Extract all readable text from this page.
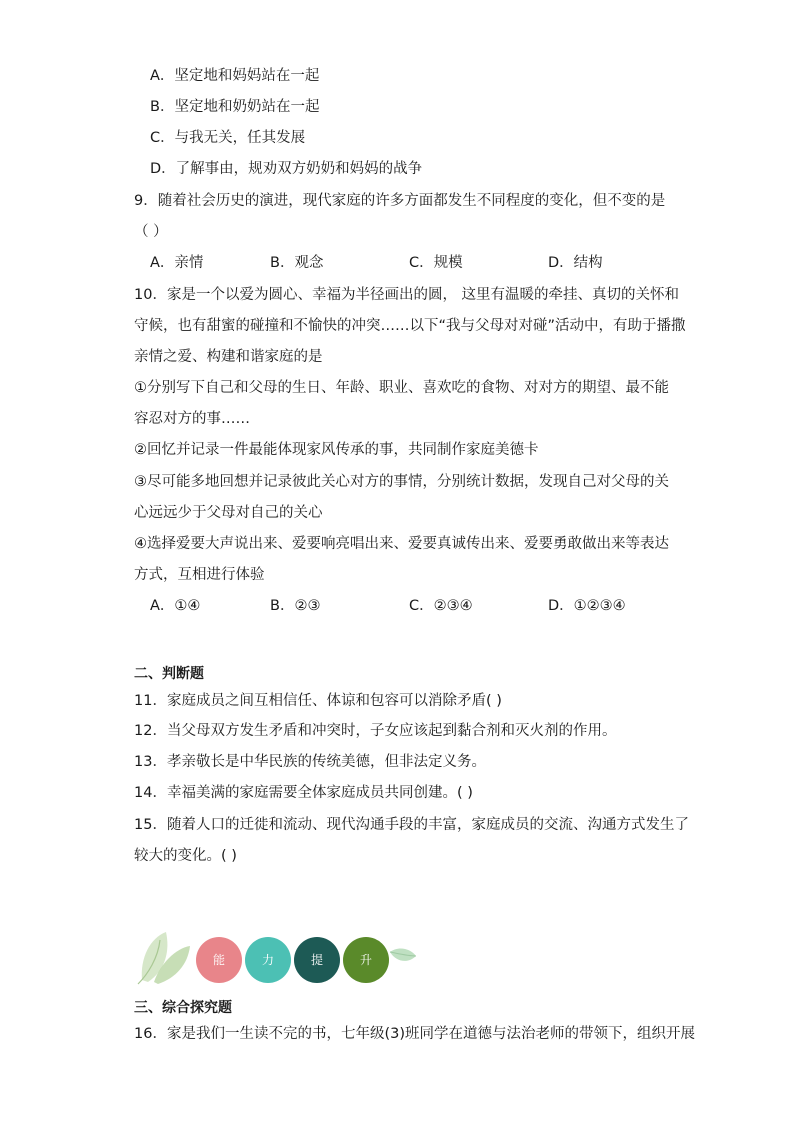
A．坚定地和妈妈站在一起
B．坚定地和奶奶站在一起
C．与我无关，任其发展
D．了解事由，规劝双方奶奶和妈妈的战争
9．随着社会历史的演进，现代家庭的许多方面都发生不同程度的变化，但不变的是
（ ）
A．亲情	B．观念	C．规模	D．结构
10．家是一个以爱为圆心、幸福为半径画出的圆， 这里有温暖的牵挂、真切的关怀和
守候，也有甜蜜的碰撞和不愉快的冲突……以下“我与父母对对碰”活动中，有助于播撒
亲情之爱、构建和谐家庭的是
①分别写下自己和父母的生日、年龄、职业、喜欢吃的食物、对对方的期望、最不能
容忍对方的事……
②回忆并记录一件最能体现家风传承的事，共同制作家庭美德卡
③尽可能多地回想并记录彼此关心对方的事情，分别统计数据，发现自己对父母的关
心远远少于父母对自己的关心
④选择爱要大声说出来、爱要响亮唱出来、爱要真诚传出来、爱要勇敢做出来等表达
方式，互相进行体验
A．①④	B．②③	C．②③④	D．①②③④
二、判断题
11．家庭成员之间互相信任、体谅和包容可以消除矛盾( )
12．当父母双方发生矛盾和冲突时，子女应该起到黏合剂和灭火剂的作用。
13．孝亲敬长是中华民族的传统美德，但非法定义务。
14．幸福美满的家庭需要全体家庭成员共同创建。( )
15．随着人口的迁徙和流动、现代沟通手段的丰富，家庭成员的交流、沟通方式发生了
较大的变化。( )
能	力	提	升
三、综合探究题
16．家是我们一生读不完的书，七年级(3)班同学在道德与法治老师的带领下，组织开展
